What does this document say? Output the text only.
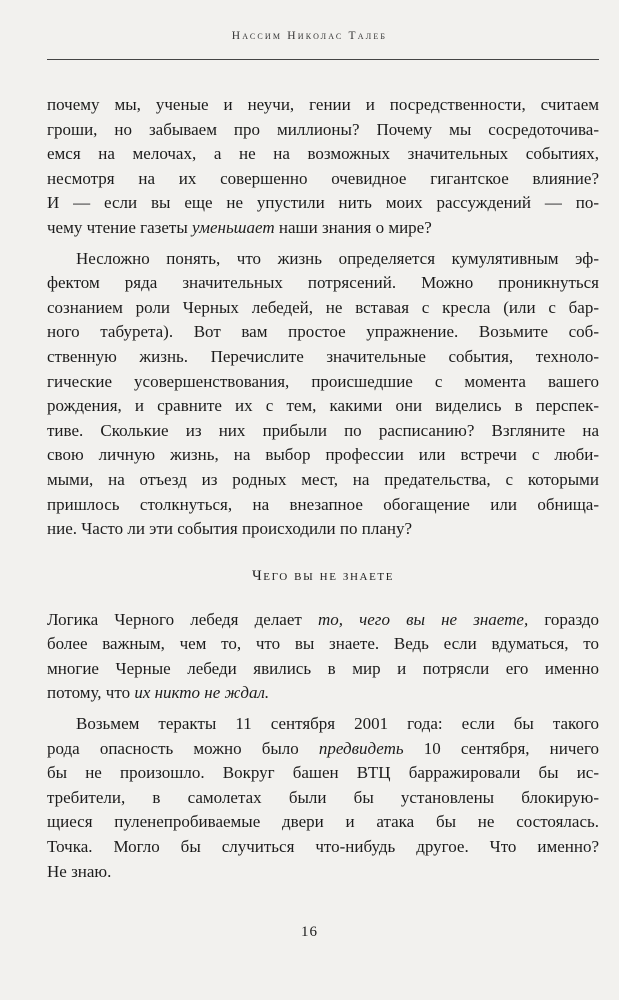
Нассим Николас Талеб
почему мы, ученые и неучи, гении и посредственности, считаем
гроши, но забываем про миллионы? Почему мы сосредоточива-
емся на мелочах, а не на возможных значительных событиях,
несмотря на их совершенно очевидное гигантское влияние?
И — если вы еще не упустили нить моих рассуждений — по-
чему чтение газеты уменьшает наши знания о мире?
Несложно понять, что жизнь определяется кумулятивным эф-
фектом ряда значительных потрясений. Можно проникнуться
сознанием роли Черных лебедей, не вставая с кресла (или с бар-
ного табурета). Вот вам простое упражнение. Возьмите соб-
ственную жизнь. Перечислите значительные события, техноло-
гические усовершенствования, происшедшие с момента вашего
рождения, и сравните их с тем, какими они виделись в перспек-
тиве. Сколькие из них прибыли по расписанию? Взгляните на
свою личную жизнь, на выбор профессии или встречи с люби-
мыми, на отъезд из родных мест, на предательства, с которыми
пришлось столкнуться, на внезапное обогащение или обнища-
ние. Часто ли эти события происходили по плану?
Чего вы не знаете
Логика Черного лебедя делает то, чего вы не знаете, гораздо
более важным, чем то, что вы знаете. Ведь если вдуматься, то
многие Черные лебеди явились в мир и потрясли его именно
потому, что их никто не ждал.
Возьмем теракты 11 сентября 2001 года: если бы такого
рода опасность можно было предвидеть 10 сентября, ничего
бы не произошло. Вокруг башен ВТЦ барражировали бы ис-
требители, в самолетах были бы установлены блокирую-
щиеся пуленепробиваемые двери и атака бы не состоялась.
Точка. Могло бы случиться что-нибудь другое. Что именно?
Не знаю.
16
